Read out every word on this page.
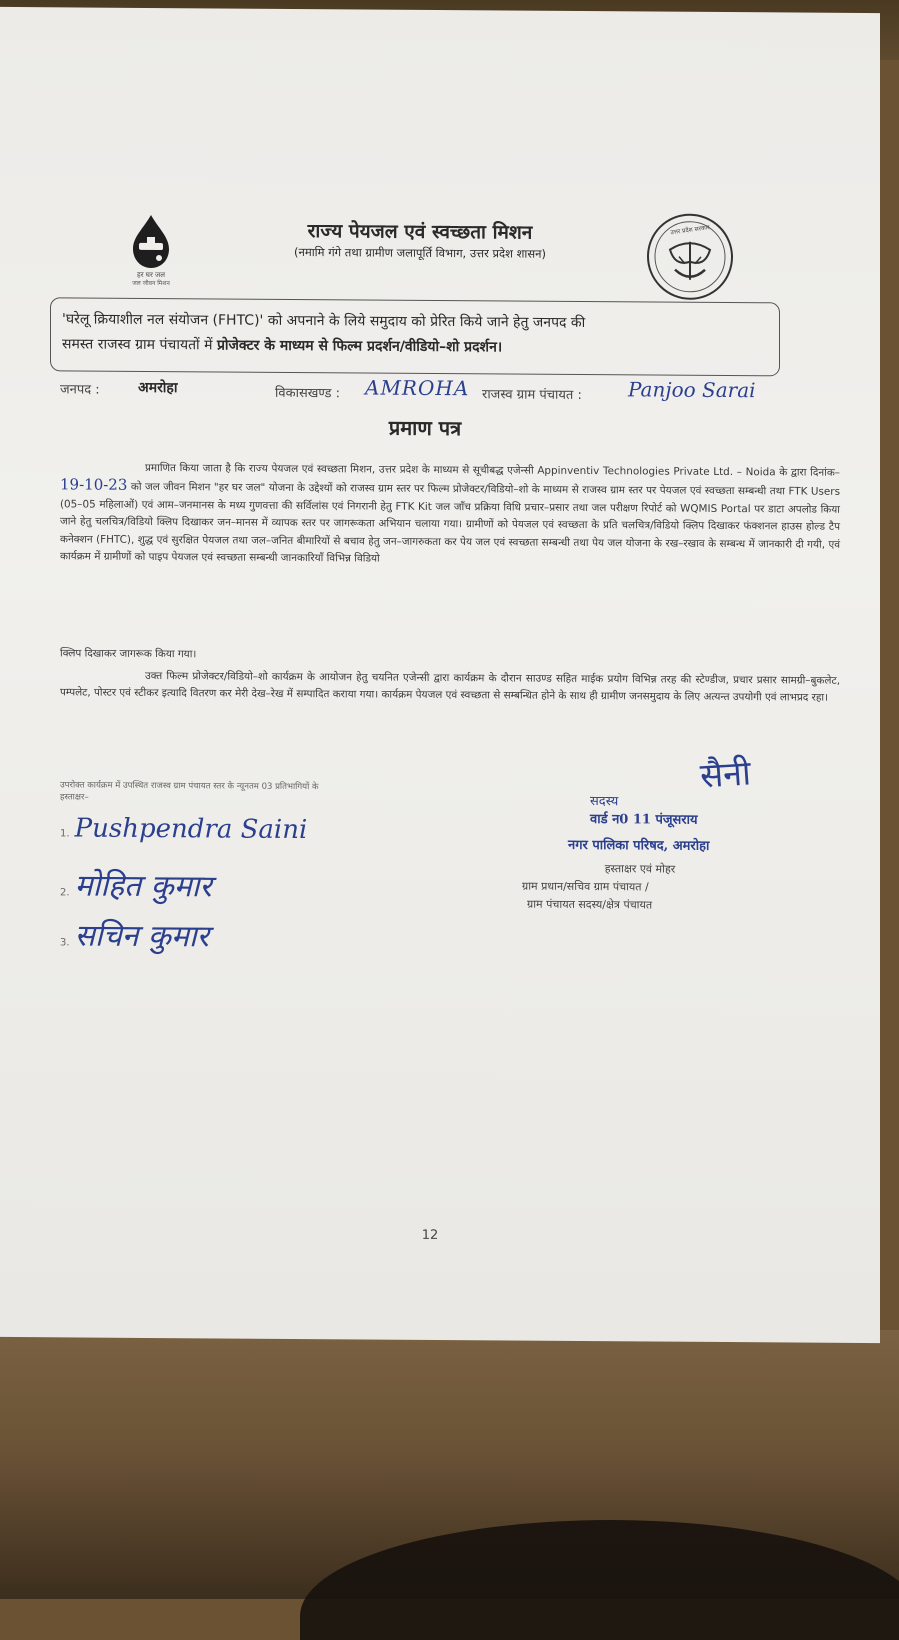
हर घर जल
जल जीवन मिशन
राज्य पेयजल एवं स्वच्छता मिशन
(नमामि गंगे तथा ग्रामीण जलापूर्ति विभाग, उत्तर प्रदेश शासन)
उत्तर प्रदेश सरकार
'घरेलू क्रियाशील नल संयोजन (FHTC)' को अपनाने के लिये समुदाय को प्रेरित किये जाने हेतु जनपद की
समस्त राजस्व ग्राम पंचायतों में प्रोजेक्टर के माध्यम से फिल्म प्रदर्शन/वीडियो–शो प्रदर्शन।
जनपद :	अमरोहा	विकासखण्ड : AMROHA राजस्व ग्राम पंचायत : Panjoo Sarai
प्रमाण पत्र
प्रमाणित किया जाता है कि राज्य पेयजल एवं स्वच्छता मिशन, उत्तर प्रदेश के माध्यम से सूचीबद्ध एजेन्सी Appinventiv Technologies Private Ltd. – Noida के द्वारा दिनांक–19-10-23 को जल जीवन मिशन "हर घर जल" योजना के उद्देश्यों को राजस्व ग्राम स्तर पर फिल्म प्रोजेक्टर/विडियो–शो के माध्यम से राजस्व ग्राम स्तर पर पेयजल एवं स्वच्छता सम्बन्धी तथा FTK Users (05–05 महिलाओं) एवं आम–जनमानस के मध्य गुणवत्ता की सर्विलांस एवं निगरानी हेतु FTK Kit जल जाँच प्रक्रिया विधि प्रचार–प्रसार तथा जल परीक्षण रिपोर्ट को WQMIS Portal पर डाटा अपलोड किया जाने हेतु चलचित्र/विडियो क्लिप दिखाकर जन–मानस में व्यापक स्तर पर जागरूकता अभियान चलाया गया। ग्रामीणों को पेयजल एवं स्वच्छता के प्रति चलचित्र/विडियो क्लिप दिखाकर फंक्शनल हाउस होल्ड टैप कनेक्शन (FHTC), शुद्ध एवं सुरक्षित पेयजल तथा जल–जनित बीमारियों से बचाव हेतु जन–जागरुकता कर पेय जल एवं स्वच्छता सम्बन्धी तथा पेय जल योजना के रख–रखाव के सम्बन्ध में जानकारी दी गयी, एवं कार्यक्रम में ग्रामीणों को पाइप पेयजल एवं स्वच्छता सम्बन्धी जानकारियाँ विभिन्न विडियो
क्लिप दिखाकर जागरूक किया गया।
उक्त फिल्म प्रोजेक्टर/विडियो–शो कार्यक्रम के आयोजन हेतु चयनित एजेन्सी द्वारा कार्यक्रम के दौरान साउण्ड सहित माईक प्रयोग विभिन्न तरह की स्टेण्डीज, प्रचार प्रसार सामग्री–बुकलेट, पम्पलेट, पोस्टर एवं स्टीकर इत्यादि वितरण कर मेरी देख–रेख में सम्पादित कराया गया। कार्यक्रम पेयजल एवं स्वच्छता से सम्बन्धित होने के साथ ही ग्रामीण जनसमुदाय के लिए अत्यन्त उपयोगी एवं लाभप्रद रहा।
उपरोक्त कार्यक्रम में उपस्थित राजस्व ग्राम पंचायत स्तर के न्यूनतम 03 प्रतिभागियों के
हस्ताक्षर–
1. Pushpendra Saini
2. मोहित कुमार
3. सचिन कुमार
सैनी
सदस्य
वार्ड न0 11 पंजूसराय
नगर पालिका परिषद, अमरोहा
हस्ताक्षर एवं मोहर
ग्राम प्रधान/सचिव ग्राम पंचायत /
ग्राम पंचायत सदस्य/क्षेत्र पंचायत
12
